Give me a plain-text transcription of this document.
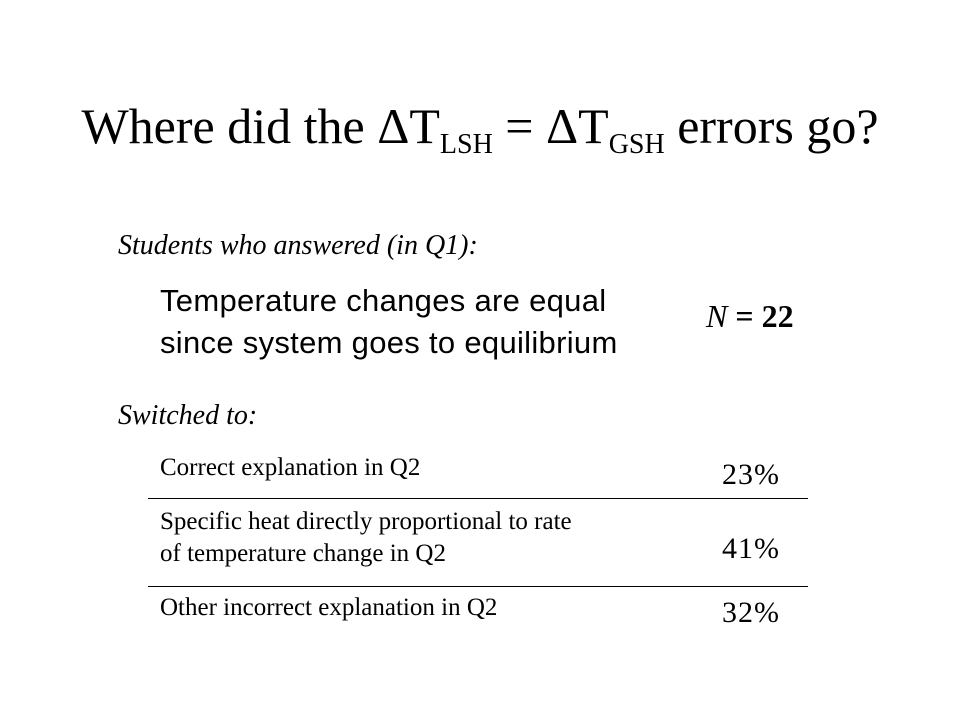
Where did the $\Delta T_{LSH} = \Delta T_{GSH}$ errors go?
Students who answered (in Q1):
Temperature changes are equal
since system goes to equilibrium
N = 22
Switched to:
Correct explanation in Q2	23%
Specific heat directly proportional to rate
of temperature change in Q2	41%
Other incorrect explanation in Q2	32%
